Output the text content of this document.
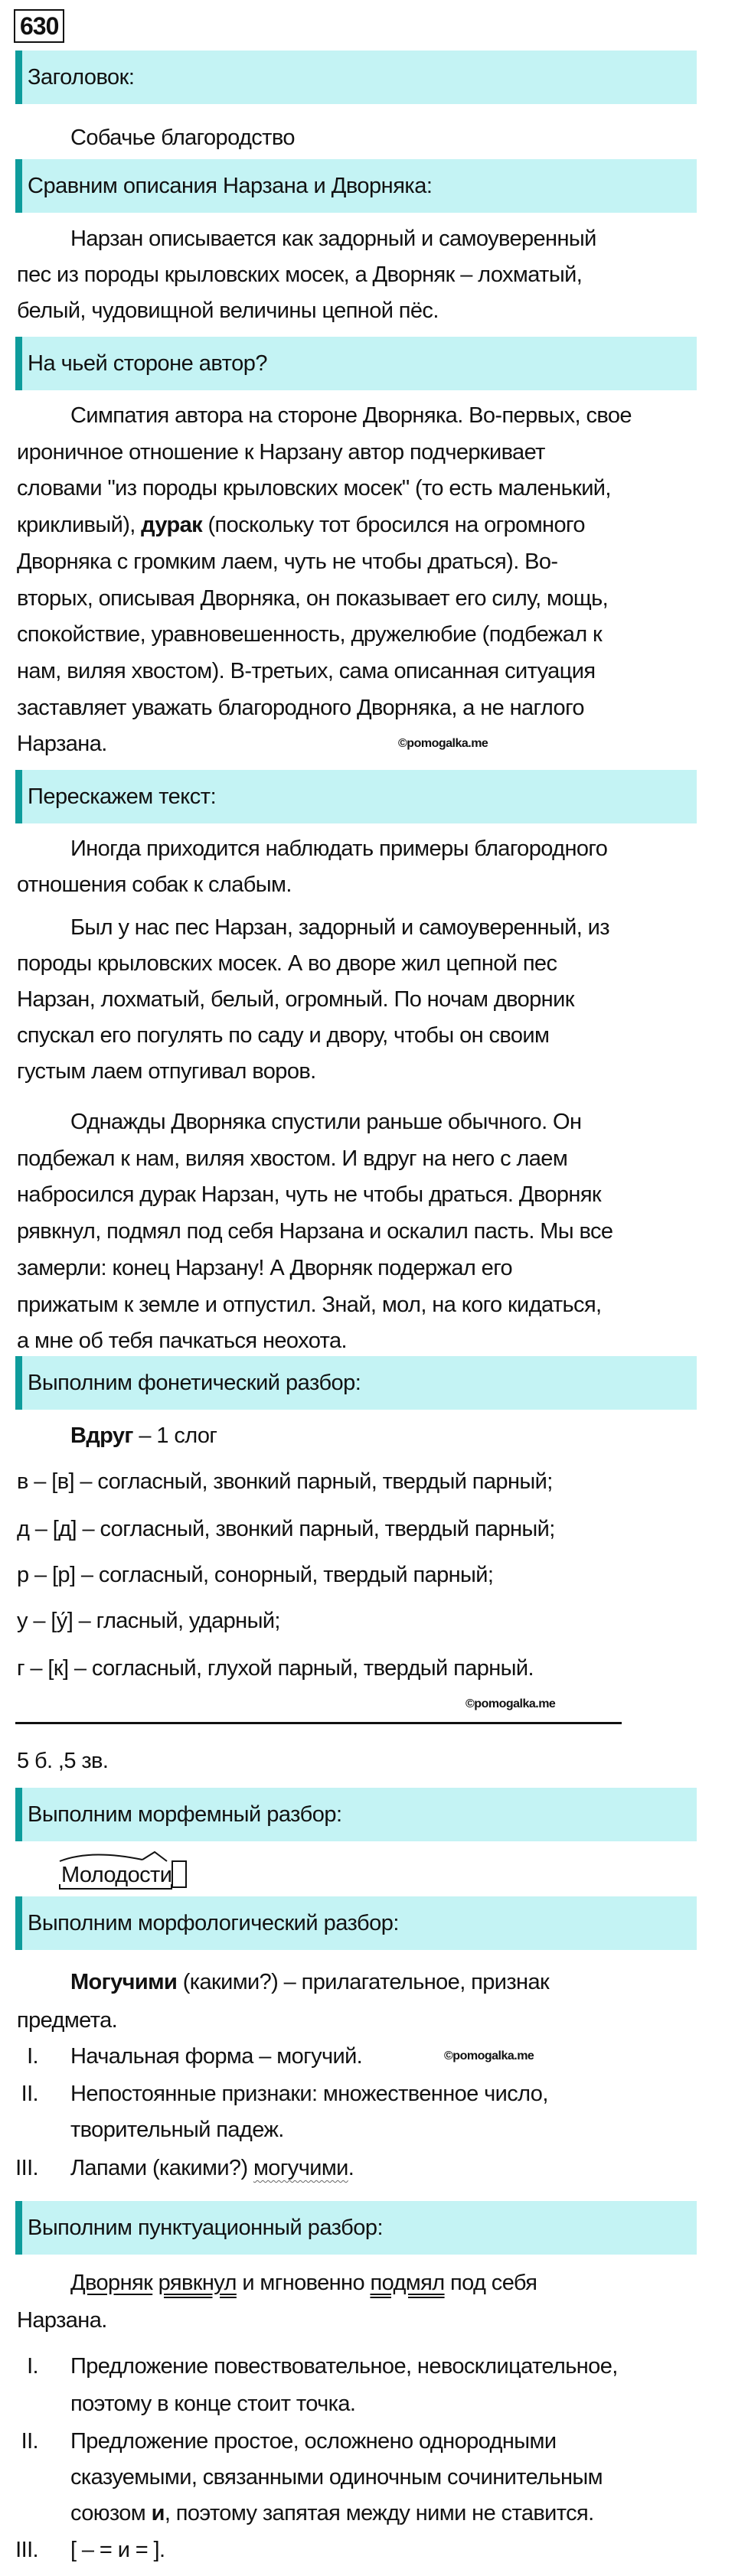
630
Заголовок:
Собачье благородство
Сравним описания Нарзана и Дворняка:
Нарзан описывается как задорный и самоуверенный
пес из породы крыловских мосек, а Дворняк – лохматый,
белый, чудовищной величины цепной пёс.
На чьей стороне автор?
Симпатия автора на стороне Дворняка. Во-первых, свое
ироничное отношение к Нарзану автор подчеркивает
словами "из породы крыловских мосек" (то есть маленький,
крикливый), дурак (поскольку тот бросился на огромного
Дворняка с громким лаем, чуть не чтобы драться). Во-
вторых, описывая Дворняка, он показывает его силу, мощь,
спокойствие, уравновешенность, дружелюбие (подбежал к
нам, виляя хвостом). В-третьих, сама описанная ситуация
заставляет уважать благородного Дворняка, а не наглого
Нарзана.	©pomogalka.me
Перескажем текст:
Иногда приходится наблюдать примеры благородного
отношения собак к слабым.
Был у нас пес Нарзан, задорный и самоуверенный, из
породы крыловских мосек. А во дворе жил цепной пес
Нарзан, лохматый, белый, огромный. По ночам дворник
спускал его погулять по саду и двору, чтобы он своим
густым лаем отпугивал воров.
Однажды Дворняка спустили раньше обычного. Он
подбежал к нам, виляя хвостом. И вдруг на него с лаем
набросился дурак Нарзан, чуть не чтобы драться. Дворняк
рявкнул, подмял под себя Нарзана и оскалил пасть. Мы все
замерли: конец Нарзану! А Дворняк подержал его
прижатым к земле и отпустил. Знай, мол, на кого кидаться,
а мне об тебя пачкаться неохота.
Выполним фонетический разбор:
Вдруг – 1 слог
в – [в] – согласный, звонкий парный, твердый парный;
д – [д] – согласный, звонкий парный, твердый парный;
р – [р] – согласный, сонорный, твердый парный;
у – [у́] – гласный, ударный;
г – [к] – согласный, глухой парный, твердый парный.
©pomogalka.me
5 б. ,5 зв.
Выполним морфемный разбор:
Молодости
Выполним морфологический разбор:
Могучими (какими?) – прилагательное, признак
предмета.
I. Начальная форма – могучий.	©pomogalka.me
II. Непостоянные признаки: множественное число,
творительный падеж.
III. Лапами (какими?) могучими.
Выполним пунктуационный разбор:
Дворняк рявкнул и мгновенно подмял под себя
Нарзана.
I. Предложение повествовательное, невосклицательное,
поэтому в конце стоит точка.
II. Предложение простое, осложнено однородными
сказуемыми, связанными одиночным сочинительным
союзом и, поэтому запятая между ними не ставится.
III. [ – = и = ].
